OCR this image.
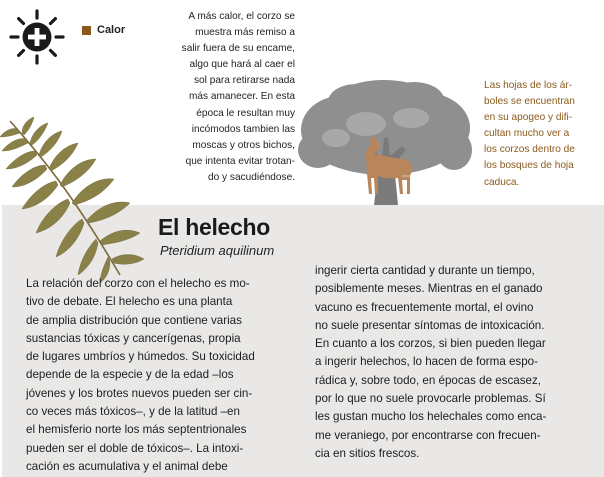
Calor
A más calor, el corzo se
muestra más remiso a
salir fuera de su encame,
algo que hará al caer el
sol para retirarse nada
más amanecer. En esta
época le resultan muy
incómodos tambien las
moscas y otros bichos,
que intenta evitar trotan-
do y sacudiéndose.
Las hojas de los ár-
boles se encuentran
en su apogeo y difi-
cultan mucho ver a
los corzos dentro de
los bosques de hoja
caduca.
El helecho
Pteridium aquilinum
La relación del corzo con el helecho es mo-
tivo de debate. El helecho es una planta
de amplia distribución que contiene varias
sustancias tóxicas y cancerígenas, propia
de lugares umbríos y húmedos. Su toxicidad
depende de la especie y de la edad –los
jóvenes y los brotes nuevos pueden ser cin-
co veces más tóxicos–, y de la latitud –en
el hemisferio norte los más septentrionales
pueden ser el doble de tóxicos–. La intoxi-
cación es acumulativa y el animal debe
ingerir cierta cantidad y durante un tiempo,
posiblemente meses. Mientras en el ganado
vacuno es frecuentemente mortal, el ovino
no suele presentar síntomas de intoxicación.
En cuanto a los corzos, si bien pueden llegar
a ingerir helechos, lo hacen de forma espo-
rádica y, sobre todo, en épocas de escasez,
por lo que no suele provocarle problemas. Sí
les gustan mucho los helechales como enca-
me veraniego, por encontrarse con frecuen-
cia en sitios frescos.
